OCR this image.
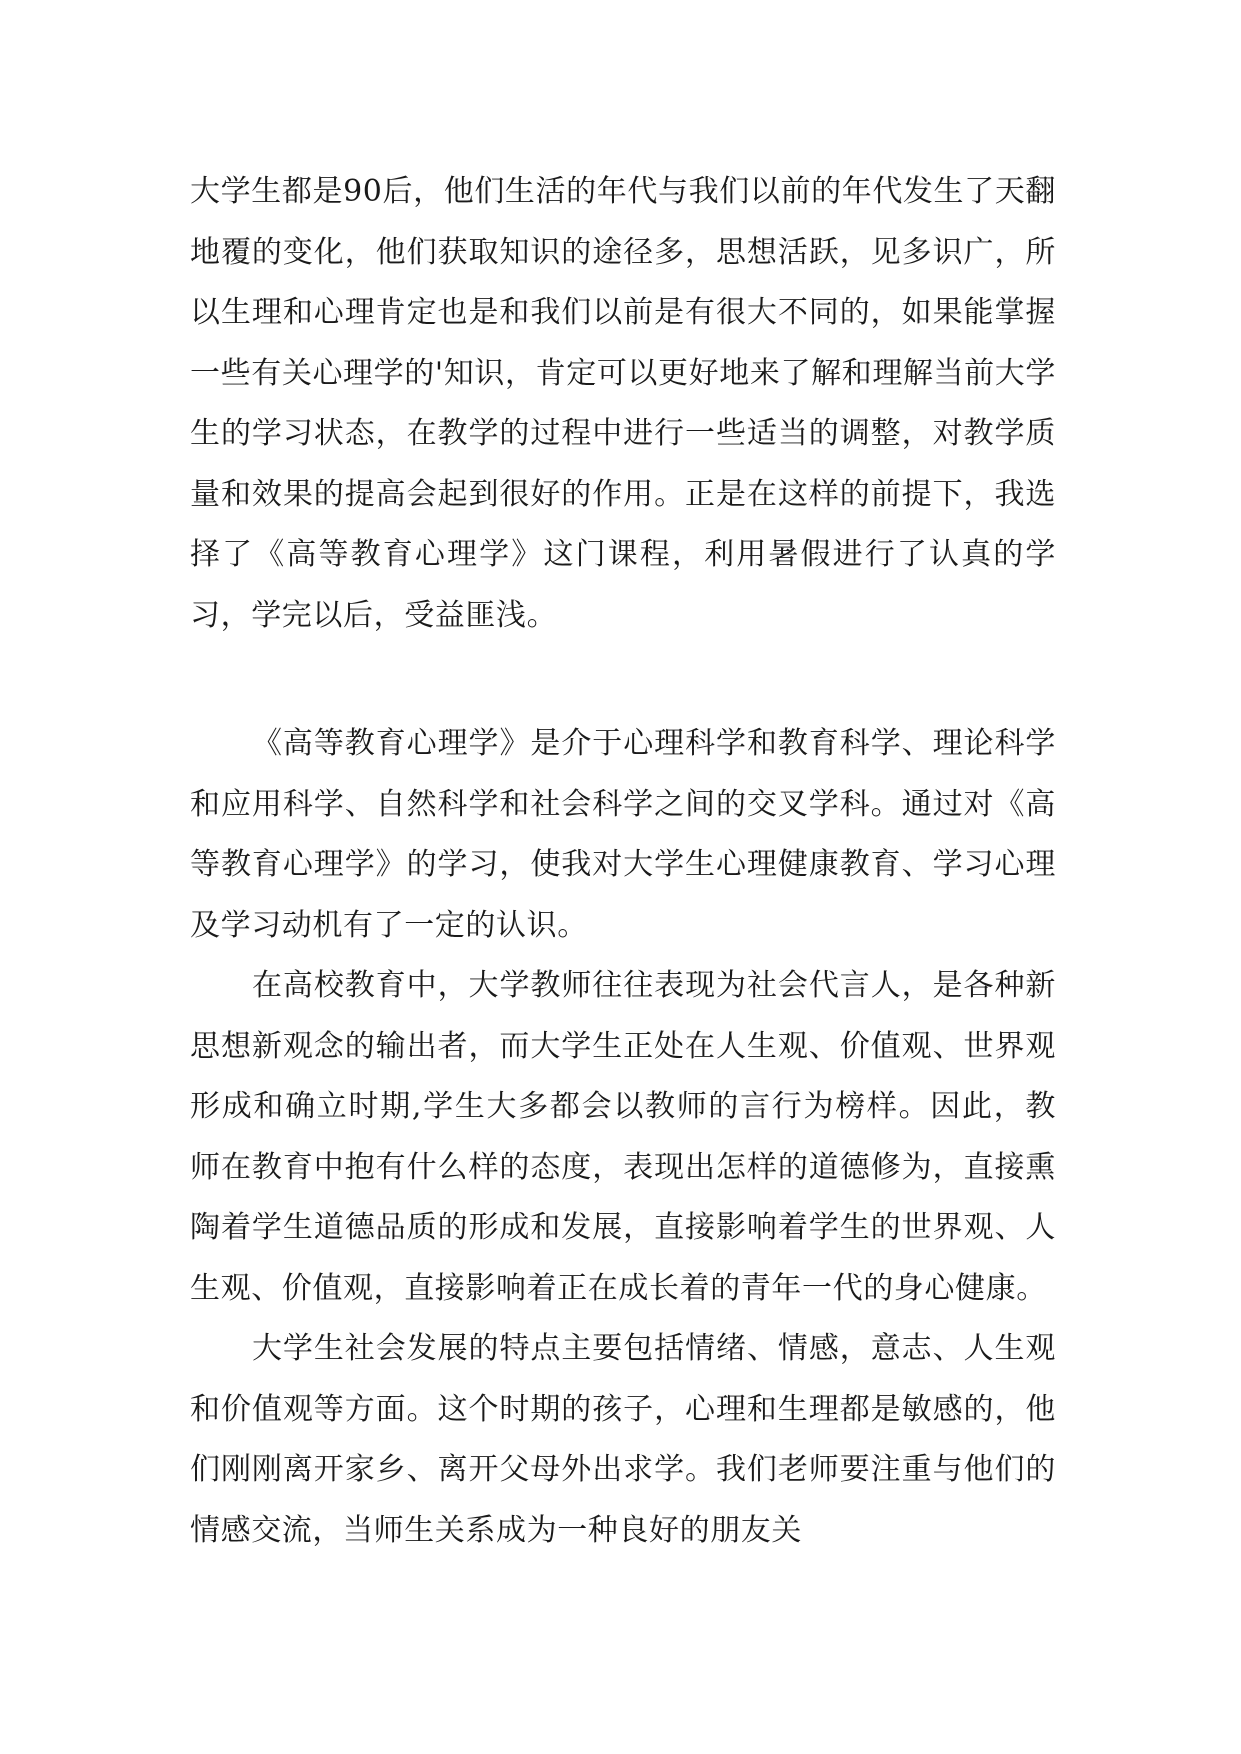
大学生都是90后，他们生活的年代与我们以前的年代发生了天翻地覆的变化，他们获取知识的途径多，思想活跃，见多识广，所以生理和心理肯定也是和我们以前是有很大不同的，如果能掌握一些有关心理学的'知识，肯定可以更好地来了解和理解当前大学生的学习状态，在教学的过程中进行一些适当的调整，对教学质量和效果的提高会起到很好的作用。正是在这样的前提下，我选择了《高等教育心理学》这门课程，利用暑假进行了认真的学习，学完以后，受益匪浅。

《高等教育心理学》是介于心理科学和教育科学、理论科学和应用科学、自然科学和社会科学之间的交叉学科。通过对《高等教育心理学》的学习，使我对大学生心理健康教育、学习心理及学习动机有了一定的认识。

在高校教育中，大学教师往往表现为社会代言人，是各种新思想新观念的输出者，而大学生正处在人生观、价值观、世界观形成和确立时期,学生大多都会以教师的言行为榜样。因此，教师在教育中抱有什么样的态度，表现出怎样的道德修为，直接熏陶着学生道德品质的形成和发展，直接影响着学生的世界观、人生观、价值观，直接影响着正在成长着的青年一代的身心健康。

大学生社会发展的特点主要包括情绪、情感，意志、人生观和价值观等方面。这个时期的孩子，心理和生理都是敏感的，他们刚刚离开家乡、离开父母外出求学。我们老师要注重与他们的情感交流，当师生关系成为一种良好的朋友关
